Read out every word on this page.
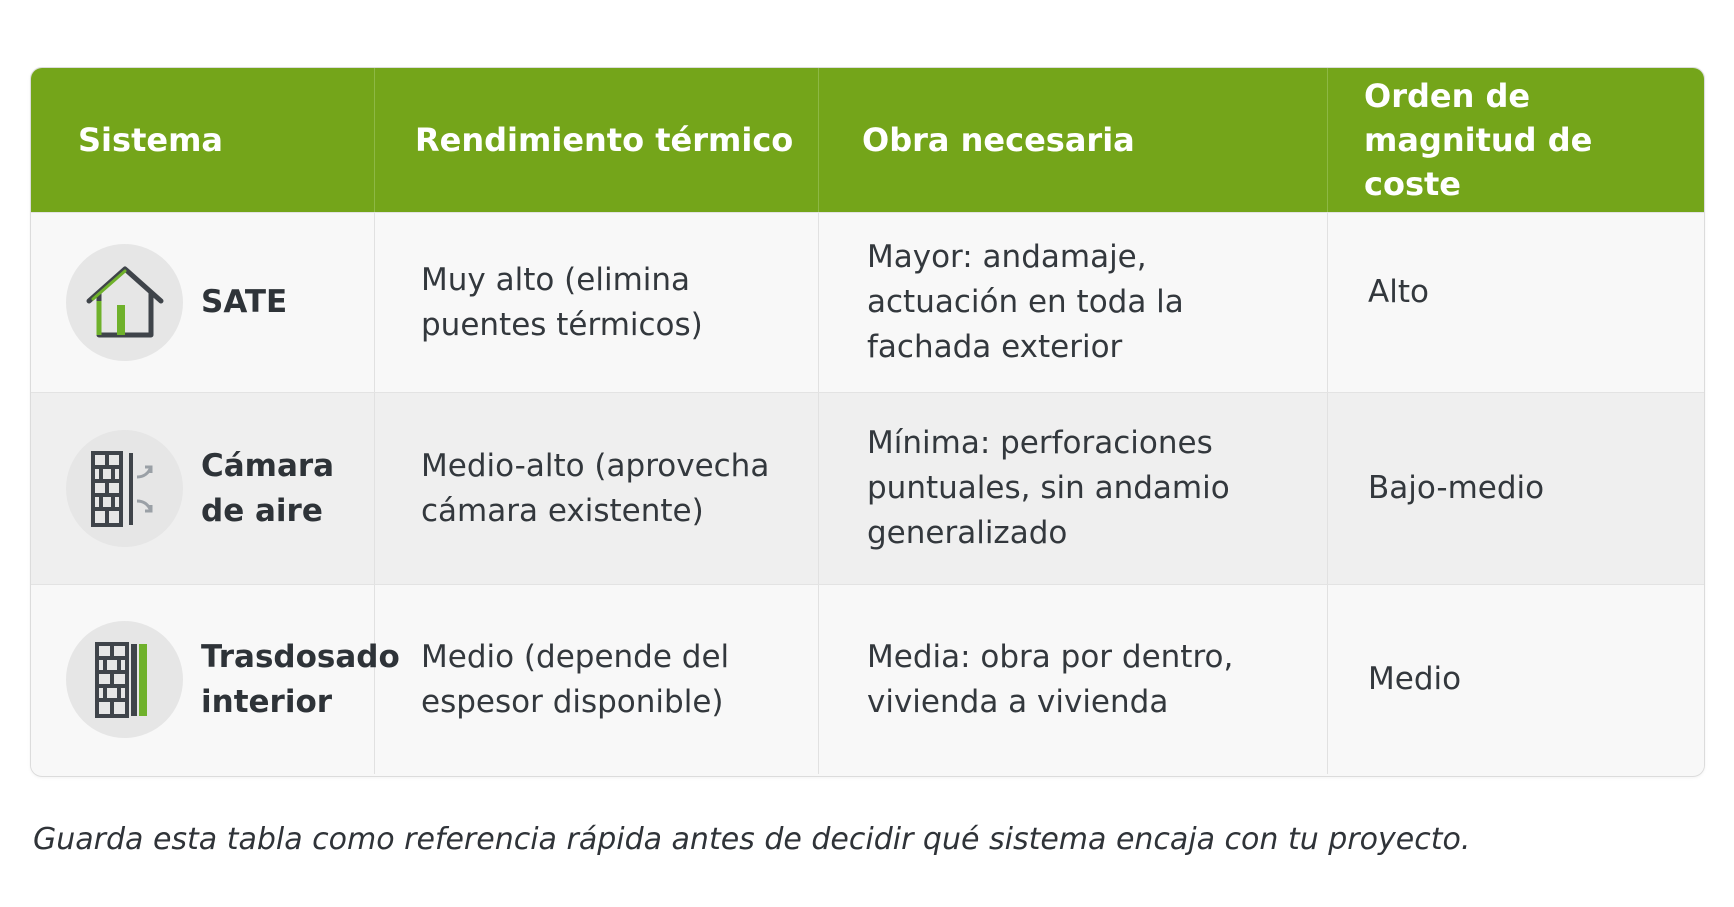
Sistema	Rendimiento térmico	Obra necesaria
Orden de magnitud de coste
SATE
Muy alto (elimina puentes térmicos)
Mayor: andamaje, actuación en toda la fachada exterior
Alto
Cámara de aire
Medio-alto (aprovecha cámara existente)
Mínima: perforaciones puntuales, sin andamio generalizado
Bajo-medio
Trasdosado interior
Medio (depende del espesor disponible)
Media: obra por dentro, vivienda a vivienda
Medio
Guarda esta tabla como referencia rápida antes de decidir qué sistema encaja con tu proyecto.
